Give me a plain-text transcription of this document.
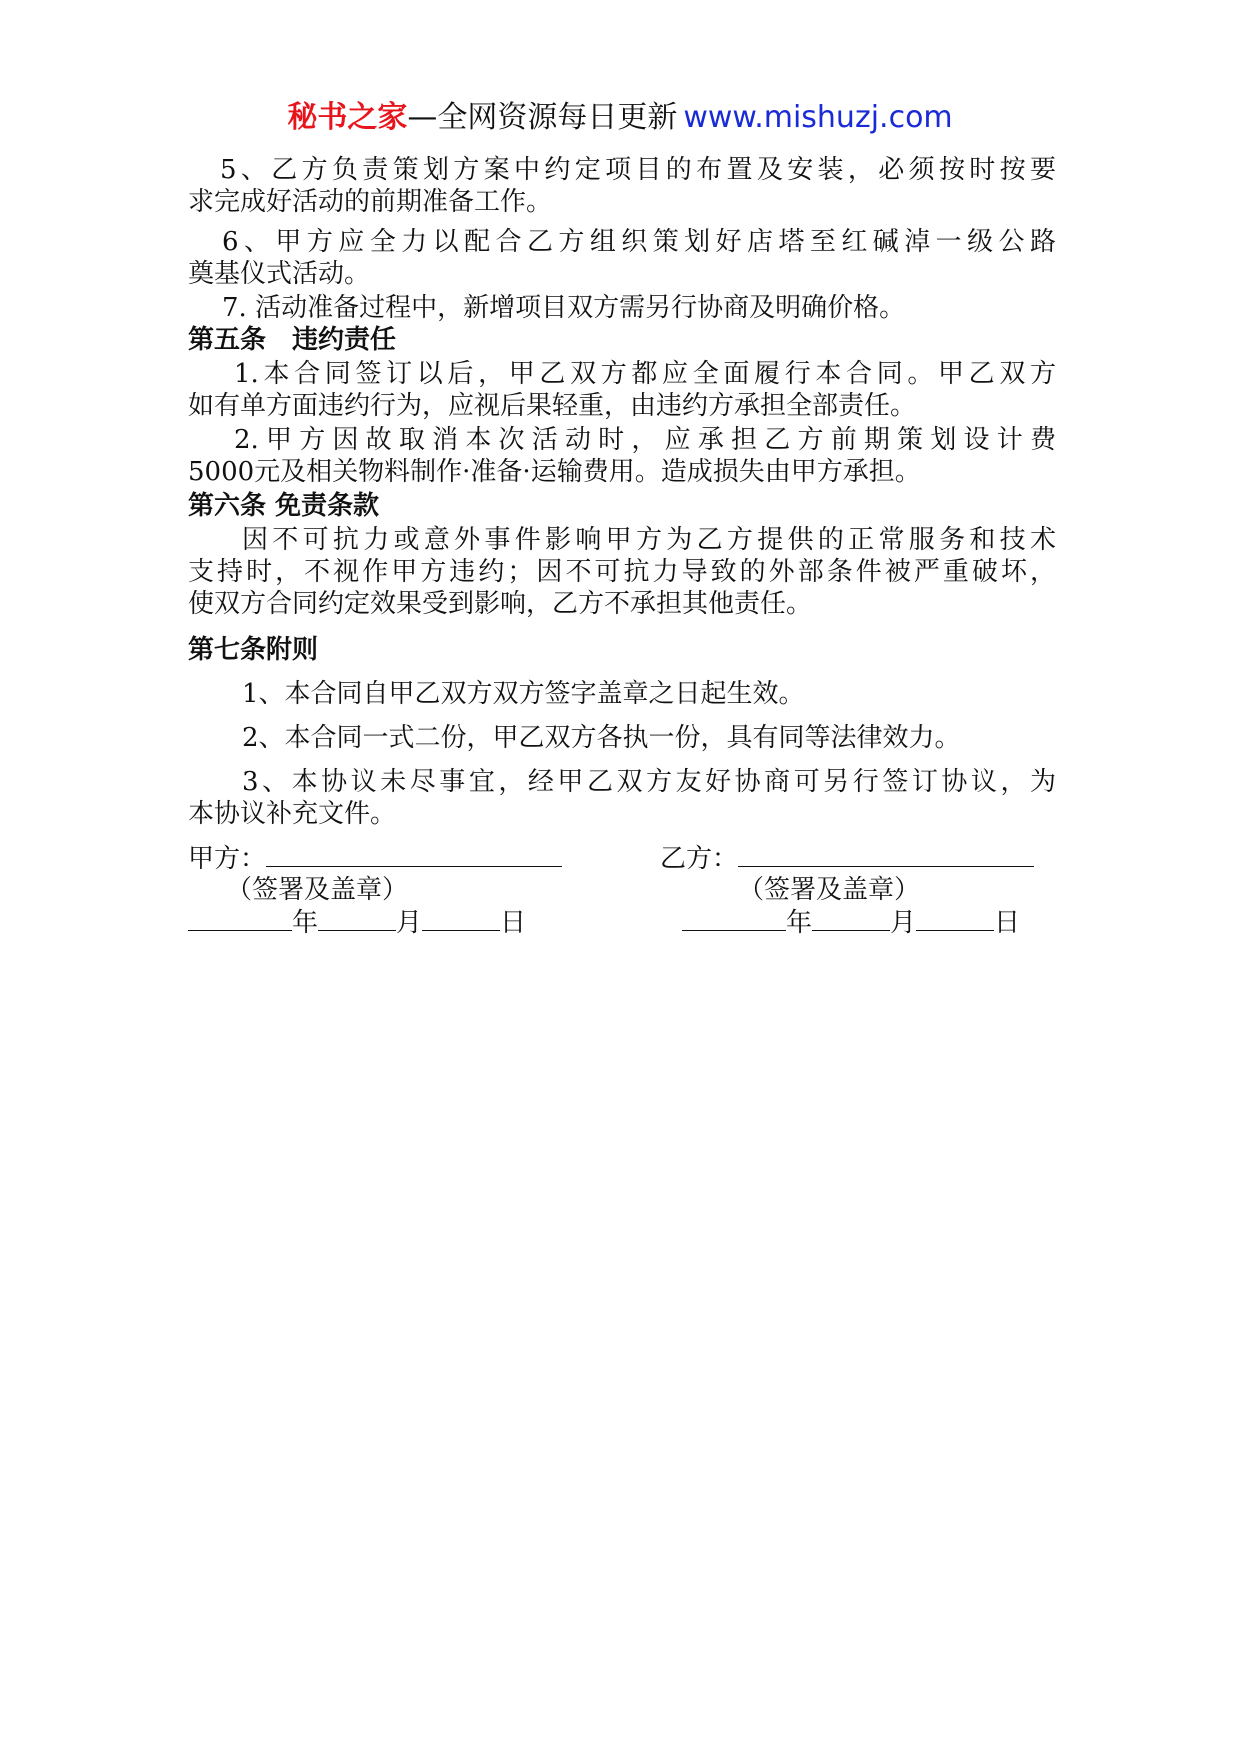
秘书之家—全网资源每日更新 www.mishuzj.com
5、乙方负责策划方案中约定项目的布置及安装，必须按时按要
求完成好活动的前期准备工作。
6、甲方应全力以配合乙方组织策划好店塔至红碱淖一级公路
奠基仪式活动。
7. 活动准备过程中，新增项目双方需另行协商及明确价格。
第五条　违约责任
1.本合同签订以后，甲乙双方都应全面履行本合同。甲乙双方
如有单方面违约行为，应视后果轻重，由违约方承担全部责任。
2.甲方因故取消本次活动时，应承担乙方前期策划设计费
5000元及相关物料制作·准备·运输费用。造成损失由甲方承担。
第六条 免责条款
因不可抗力或意外事件影响甲方为乙方提供的正常服务和技术
支持时，不视作甲方违约；因不可抗力导致的外部条件被严重破坏，
使双方合同约定效果受到影响，乙方不承担其他责任。
第七条附则
1、本合同自甲乙双方双方签字盖章之日起生效。
2、本合同一式二份，甲乙双方各执一份，具有同等法律效力。
3、本协议未尽事宜，经甲乙双方友好协商可另行签订协议，为
本协议补充文件。
甲方：	乙方：
（签署及盖章）	（签署及盖章）
年	月	日	年	月	日
